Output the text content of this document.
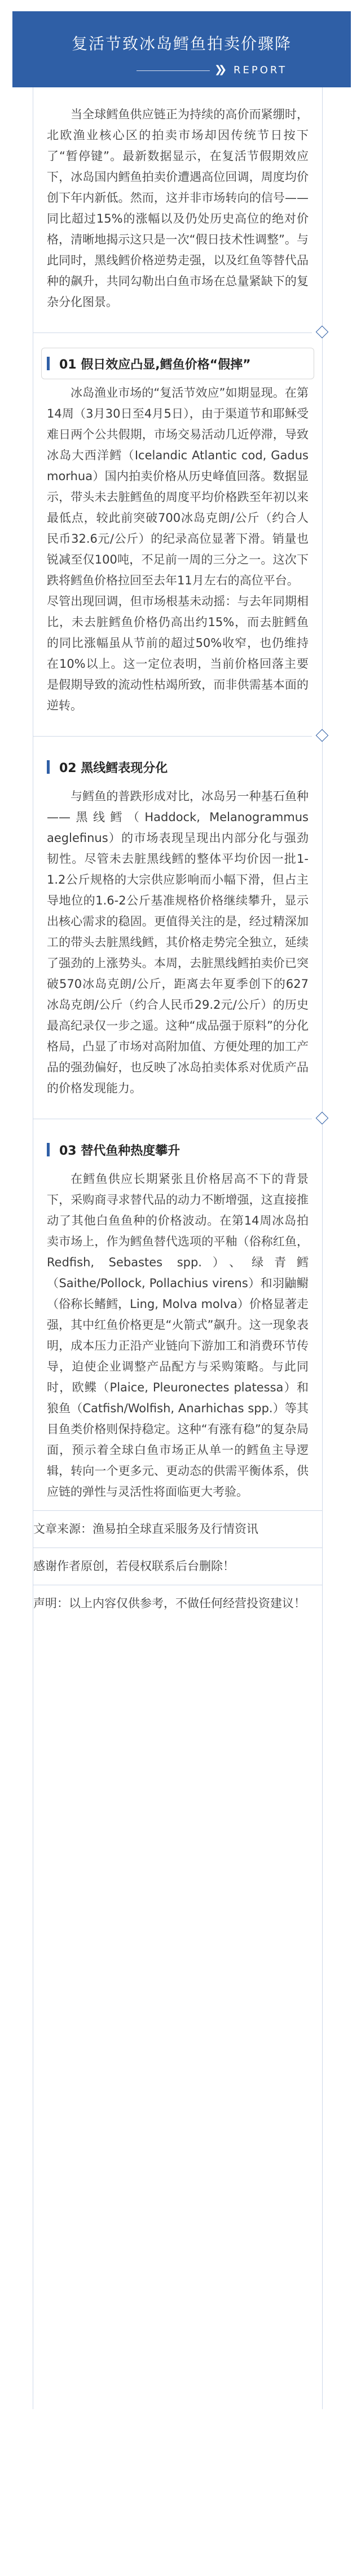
复活节致冰岛鳕鱼拍卖价骤降
❯❯ REPORT

当全球鳕鱼供应链正为持续的高价而紧绷时，北欧渔业核心区的拍卖市场却因传统节日按下了“暂停键”。最新数据显示，在复活节假期效应下，冰岛国内鳕鱼拍卖价遭遇高位回调，周度均价创下年内新低。然而，这并非市场转向的信号——同比超过15%的涨幅以及仍处历史高位的绝对价格，清晰地揭示这只是一次“假日技术性调整”。与此同时，黑线鳕价格逆势走强，以及红鱼等替代品种的飙升，共同勾勒出白鱼市场在总量紧缺下的复杂分化图景。

01 假日效应凸显,鳕鱼价格“假摔”

冰岛渔业市场的“复活节效应”如期显现。在第14周（3月30日至4月5日），由于渠道节和耶稣受难日两个公共假期，市场交易活动几近停滞，导致冰岛大西洋鳕（Icelandic Atlantic cod, Gadus morhua）国内拍卖价格从历史峰值回落。数据显示，带头未去脏鳕鱼的周度平均价格跌至年初以来最低点，较此前突破700冰岛克朗/公斤（约合人民币32.6元/公斤）的纪录高位显著下滑。销量也锐减至仅100吨，不足前一周的三分之一。这次下跌将鳕鱼价格拉回至去年11月左右的高位平台。

尽管出现回调，但市场根基未动摇：与去年同期相比，未去脏鳕鱼价格仍高出约15%，而去脏鳕鱼的同比涨幅虽从节前的超过50%收窄，也仍维持在10%以上。这一定位表明，当前价格回落主要是假期导致的流动性枯竭所致，而非供需基本面的逆转。

02 黑线鳕表现分化

与鳕鱼的普跌形成对比，冰岛另一种基石鱼种——黑线鳕（Haddock, Melanogrammus aeglefinus）的市场表现呈现出内部分化与强劲韧性。尽管未去脏黑线鳕的整体平均价因一批1-1.2公斤规格的大宗供应影响而小幅下滑，但占主导地位的1.6-2公斤基准规格价格继续攀升，显示出核心需求的稳固。更值得关注的是，经过精深加工的带头去脏黑线鳕，其价格走势完全独立，延续了强劲的上涨势头。本周，去脏黑线鳕拍卖价已突破570冰岛克朗/公斤，距离去年夏季创下的627冰岛克朗/公斤（约合人民币29.2元/公斤）的历史最高纪录仅一步之遥。这种“成品强于原料”的分化格局，凸显了市场对高附加值、方便处理的加工产品的强劲偏好，也反映了冰岛拍卖体系对优质产品的价格发现能力。

03 替代鱼种热度攀升

在鳕鱼供应长期紧张且价格居高不下的背景下，采购商寻求替代品的动力不断增强，这直接推动了其他白鱼鱼种的价格波动。在第14周冰岛拍卖市场上，作为鳕鱼替代选项的平釉（俗称红鱼，Redfish, Sebastes spp.）、绿青鳕（Saithe/Pollock, Pollachius virens）和羽鼬鳚（俗称长鳍鳕，Ling, Molva molva）价格显著走强，其中红鱼价格更是“火箭式”飙升。这一现象表明，成本压力正沿产业链向下游加工和消费环节传导，迫使企业调整产品配方与采购策略。与此同时，欧鲽（Plaice, Pleuronectes platessa）和狼鱼（Catfish/Wolfish, Anarhichas spp.）等其目鱼类价格则保持稳定。这种“有涨有稳”的复杂局面，预示着全球白鱼市场正从单一的鳕鱼主导逻辑，转向一个更多元、更动态的供需平衡体系，供应链的弹性与灵活性将面临更大考验。

文章来源：渔易拍全球直采服务及行情资讯

感谢作者原创，若侵权联系后台删除！

声明：以上内容仅供参考，不做任何经营投资建议！
